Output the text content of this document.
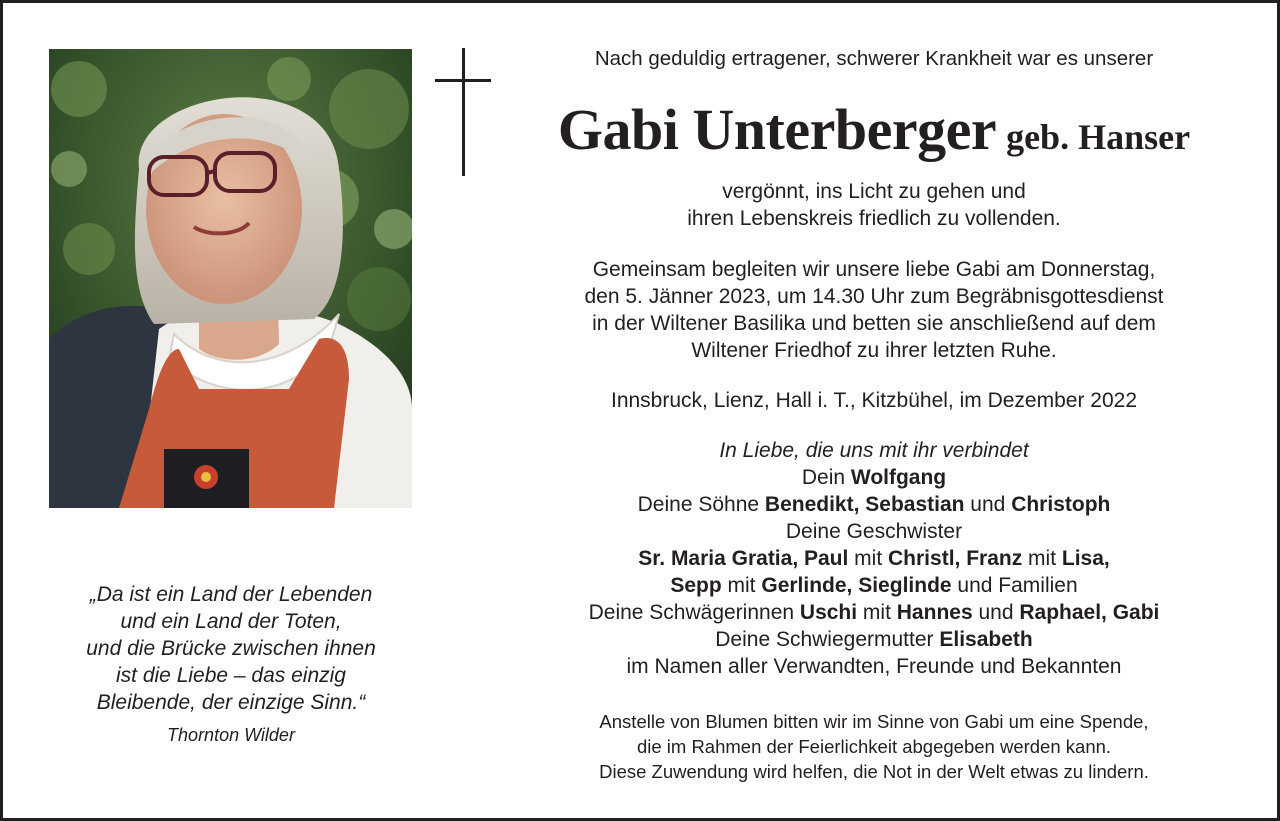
„Da ist ein Land der Lebenden
und ein Land der Toten,
und die Brücke zwischen ihnen
ist die Liebe – das einzig
Bleibende, der einzige Sinn.“
Thornton Wilder
Nach geduldig ertragener, schwerer Krankheit war es unserer
Gabi Unterberger geb. Hanser
vergönnt, ins Licht zu gehen und
ihren Lebenskreis friedlich zu vollenden.
Gemeinsam begleiten wir unsere liebe Gabi am Donnerstag,
den 5. Jänner 2023, um 14.30 Uhr zum Begräbnisgottesdienst
in der Wiltener Basilika und betten sie anschließend auf dem
Wiltener Friedhof zu ihrer letzten Ruhe.
Innsbruck, Lienz, Hall i. T., Kitzbühel, im Dezember 2022
In Liebe, die uns mit ihr verbindet
Dein Wolfgang
Deine Söhne Benedikt, Sebastian und Christoph
Deine Geschwister
Sr. Maria Gratia, Paul mit Christl, Franz mit Lisa,
Sepp mit Gerlinde, Sieglinde und Familien
Deine Schwägerinnen Uschi mit Hannes und Raphael, Gabi
Deine Schwiegermutter Elisabeth
im Namen aller Verwandten, Freunde und Bekannten
Anstelle von Blumen bitten wir im Sinne von Gabi um eine Spende,
die im Rahmen der Feierlichkeit abgegeben werden kann.
Diese Zuwendung wird helfen, die Not in der Welt etwas zu lindern.
